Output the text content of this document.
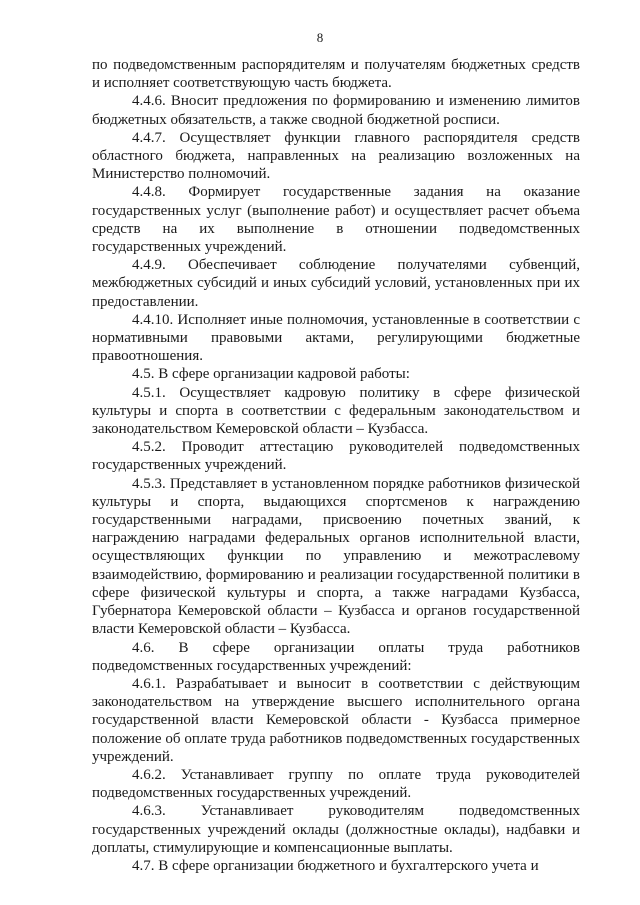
8

по подведомственным распорядителям и получателям бюджетных средств и исполняет соответствующую часть бюджета.

4.4.6. Вносит предложения по формированию и изменению лимитов бюджетных обязательств, а также сводной бюджетной росписи.

4.4.7. Осуществляет функции главного распорядителя средств областного бюджета, направленных на реализацию возложенных на Министерство полномочий.

4.4.8. Формирует государственные задания на оказание государственных услуг (выполнение работ) и осуществляет расчет объема средств на их выполнение в отношении подведомственных государственных учреждений.

4.4.9. Обеспечивает соблюдение получателями субвенций, межбюджетных субсидий и иных субсидий условий, установленных при их предоставлении.

4.4.10. Исполняет иные полномочия, установленные в соответствии с нормативными правовыми актами, регулирующими бюджетные правоотношения.

4.5. В сфере организации кадровой работы:

4.5.1. Осуществляет кадровую политику в сфере физической культуры и спорта в соответствии с федеральным законодательством и законодательством Кемеровской области – Кузбасса.

4.5.2. Проводит аттестацию руководителей подведомственных государственных учреждений.

4.5.3. Представляет в установленном порядке работников физической культуры и спорта, выдающихся спортсменов к награждению государственными наградами, присвоению почетных званий, к награждению наградами федеральных органов исполнительной власти, осуществляющих функции по управлению и межотраслевому взаимодействию, формированию и реализации государственной политики в сфере физической культуры и спорта, а также наградами Кузбасса, Губернатора Кемеровской области – Кузбасса и органов государственной власти Кемеровской области – Кузбасса.

4.6. В сфере организации оплаты труда работников подведомственных государственных учреждений:

4.6.1. Разрабатывает и выносит в соответствии с действующим законодательством на утверждение высшего исполнительного органа государственной власти Кемеровской области - Кузбасса примерное положение об оплате труда работников подведомственных государственных учреждений.

4.6.2. Устанавливает группу по оплате труда руководителей подведомственных государственных учреждений.

4.6.3. Устанавливает руководителям подведомственных государственных учреждений оклады (должностные оклады), надбавки и доплаты, стимулирующие и компенсационные выплаты.

4.7. В сфере организации бюджетного и бухгалтерского учета и
